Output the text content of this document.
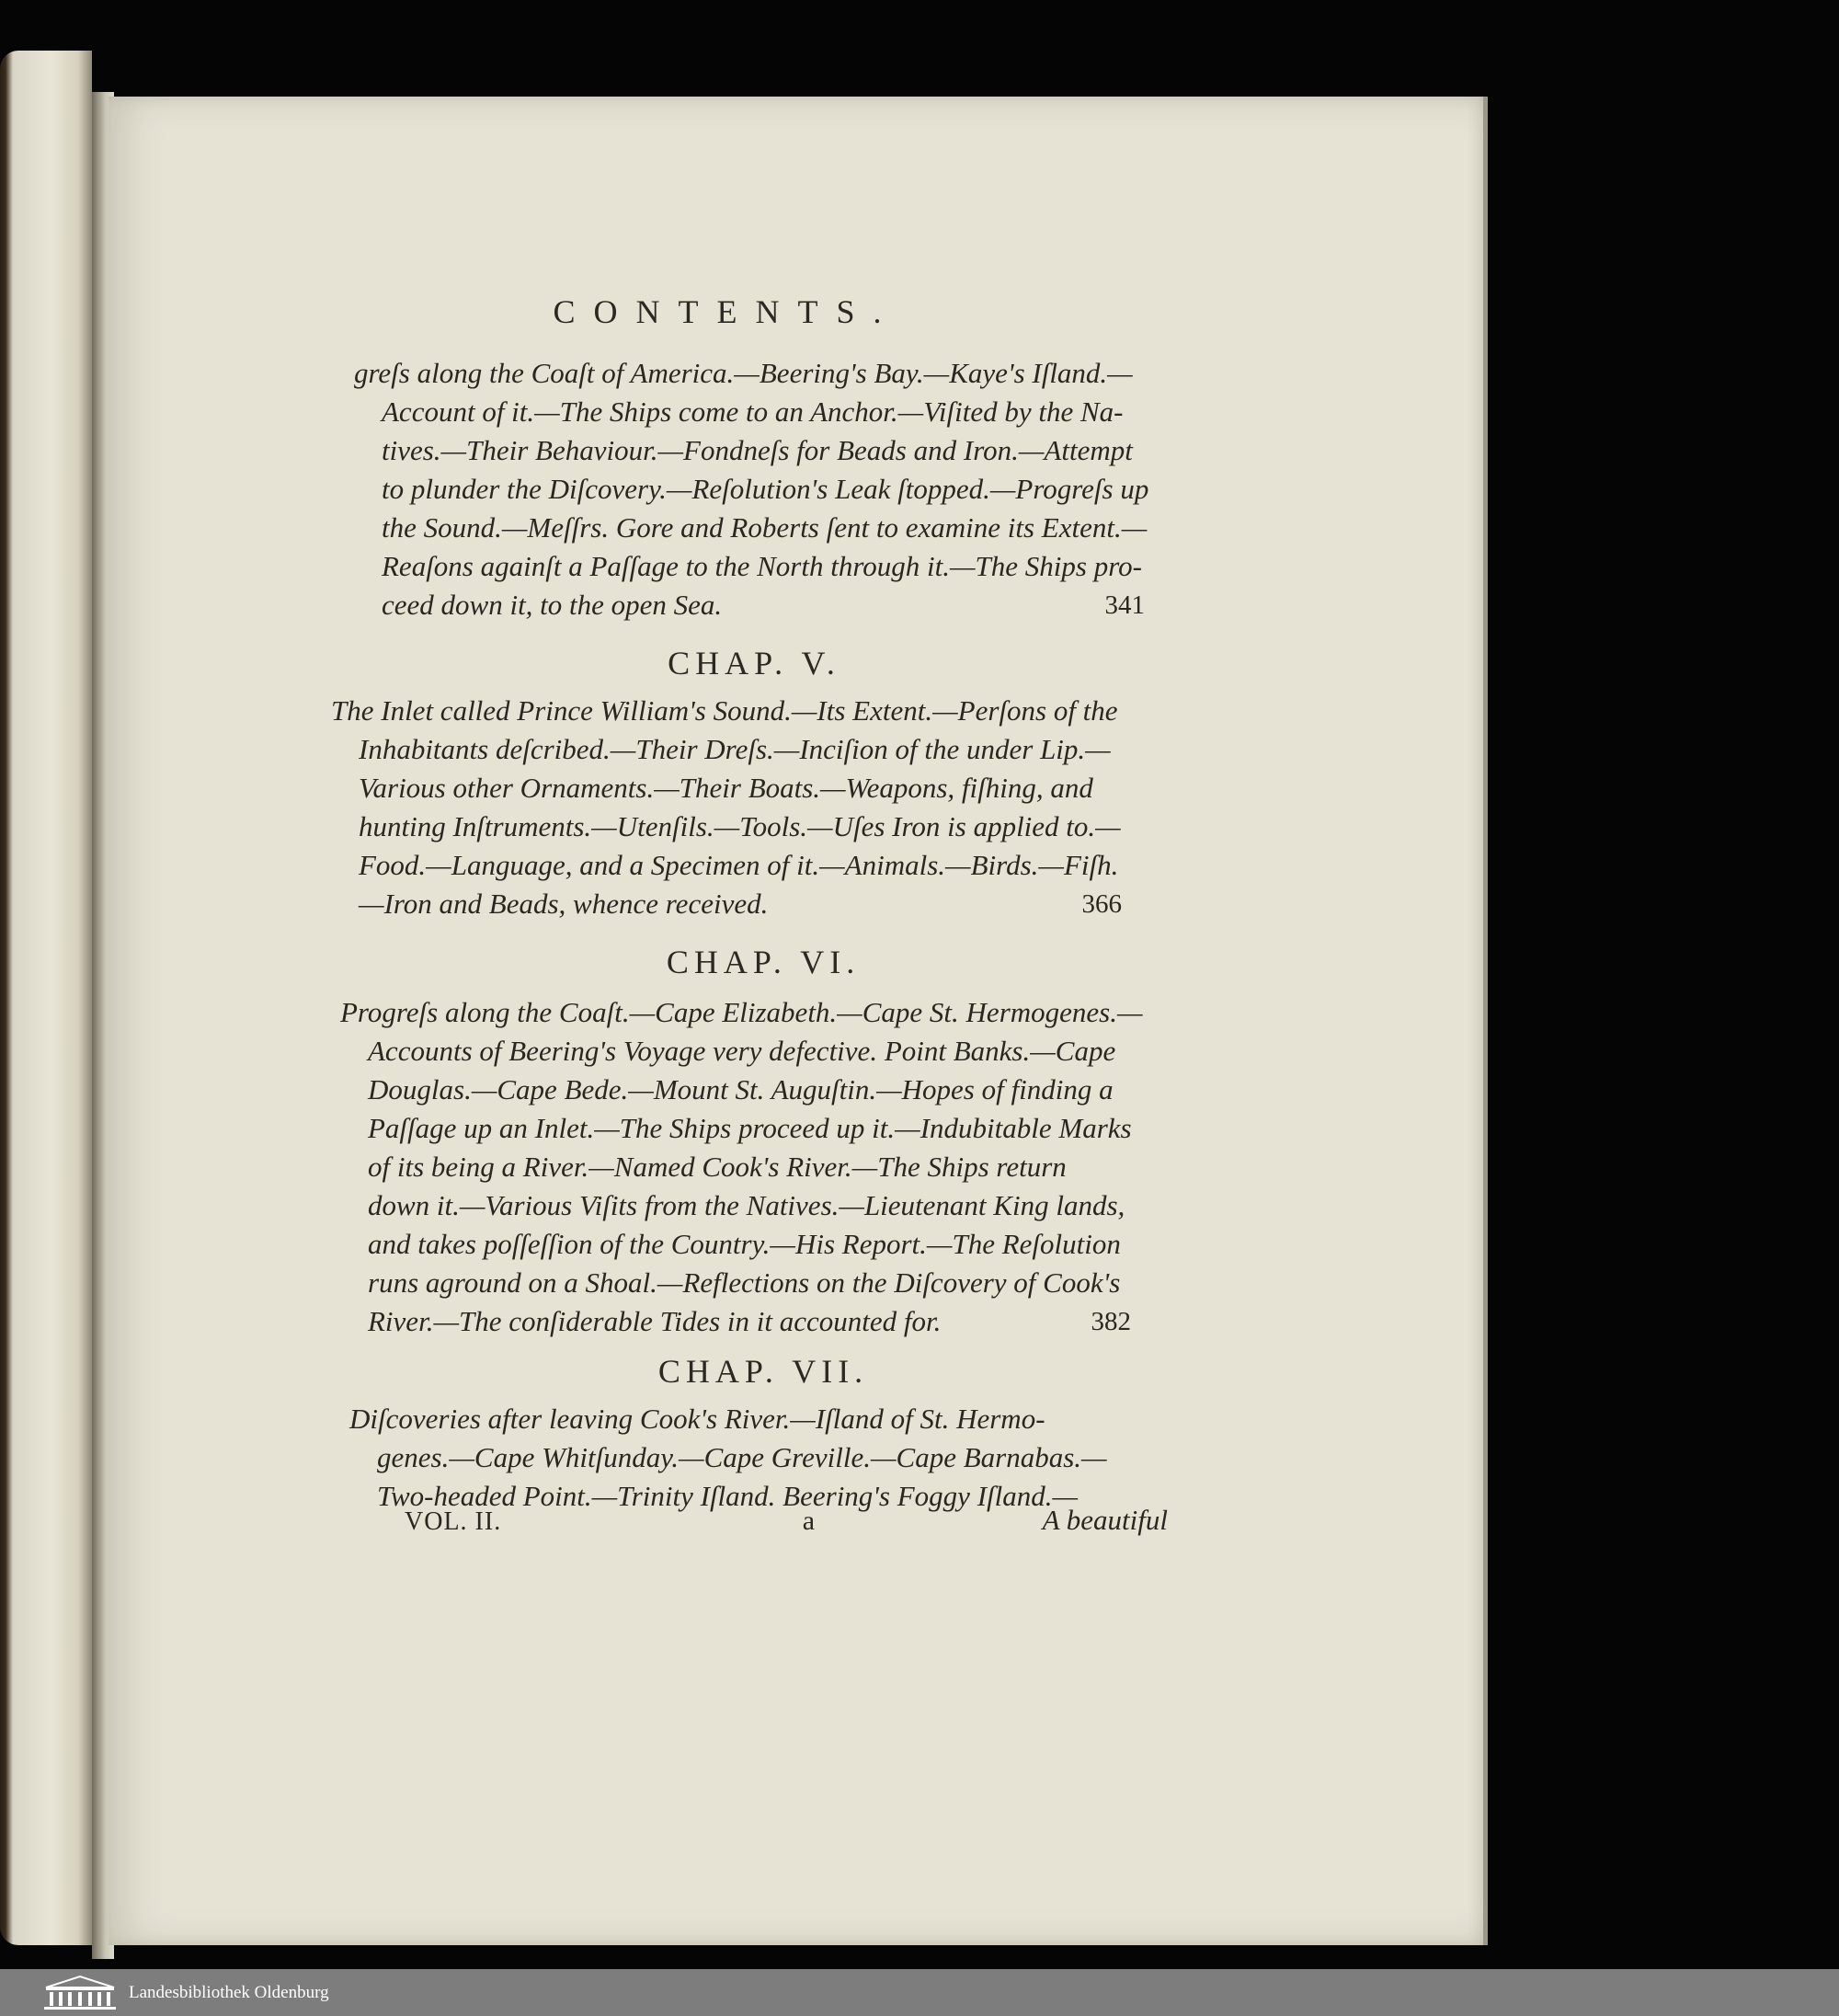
CONTENTS.
greſs along the Coaſt of America.—Beering's Bay.—Kaye's Iſland.—
Account of it.—The Ships come to an Anchor.—Viſited by the Na-
tives.—Their Behaviour.—Fondneſs for Beads and Iron.—Attempt
to plunder the Diſcovery.—Reſolution's Leak ſtopped.—Progreſs up
the Sound.—Meſſrs. Gore and Roberts ſent to examine its Extent.—
Reaſons againſt a Paſſage to the North through it.—The Ships pro-
ceed down it, to the open Sea.	341
CHAP. V.
The Inlet called Prince William's Sound.—Its Extent.—Perſons of the
Inhabitants deſcribed.—Their Dreſs.—Inciſion of the under Lip.—
Various other Ornaments.—Their Boats.—Weapons, fiſhing, and
hunting Inſtruments.—Utenſils.—Tools.—Uſes Iron is applied to.—
Food.—Language, and a Specimen of it.—Animals.—Birds.—Fiſh.
—Iron and Beads, whence received.	366
CHAP. VI.
Progreſs along the Coaſt.—Cape Elizabeth.—Cape St. Hermogenes.—
Accounts of Beering's Voyage very defective. Point Banks.—Cape
Douglas.—Cape Bede.—Mount St. Auguſtin.—Hopes of finding a
Paſſage up an Inlet.—The Ships proceed up it.—Indubitable Marks
of its being a River.—Named Cook's River.—The Ships return
down it.—Various Viſits from the Natives.—Lieutenant King lands,
and takes poſſeſſion of the Country.—His Report.—The Reſolution
runs aground on a Shoal.—Reflections on the Diſcovery of Cook's
River.—The conſiderable Tides in it accounted for.	382
CHAP. VII.
Diſcoveries after leaving Cook's River.—Iſland of St. Hermo-
genes.—Cape Whitſunday.—Cape Greville.—Cape Barnabas.—
Two-headed Point.—Trinity Iſland. Beering's Foggy Iſland.—
VOL. II.	a	A beautiful
Landesbibliothek Oldenburg
